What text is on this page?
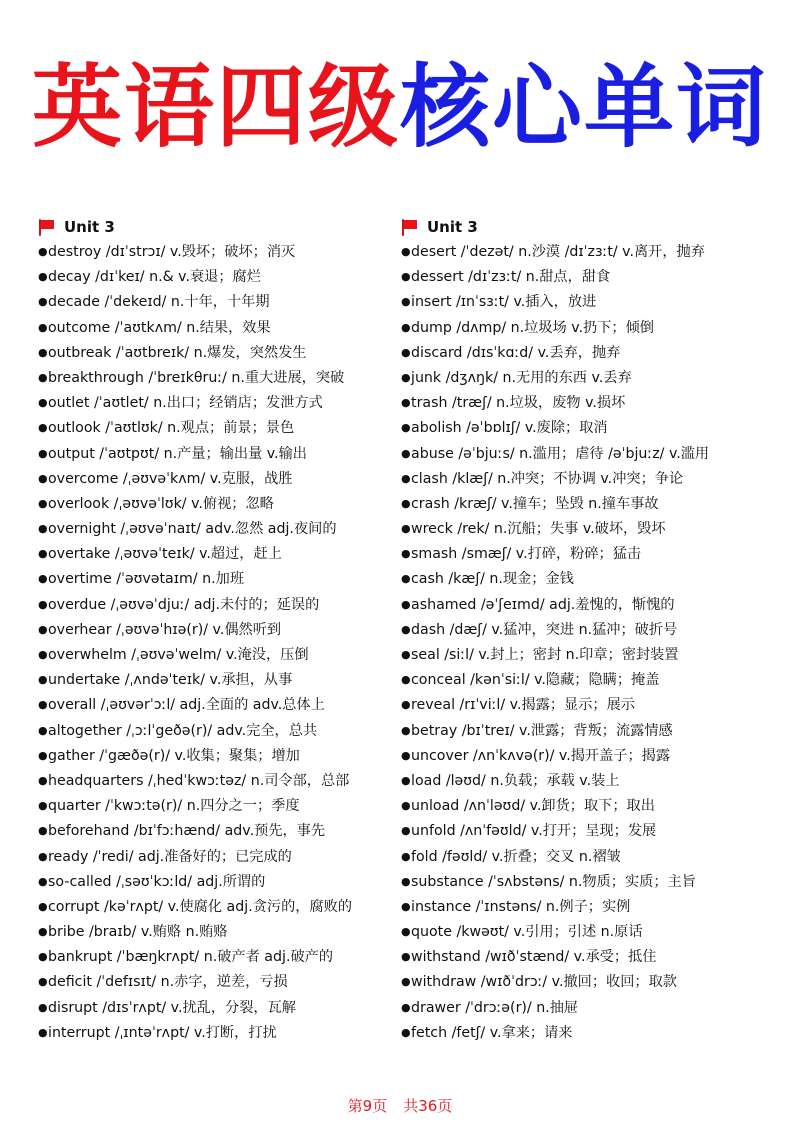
英语四级核心单词
Unit 3
●destroy /dɪˈstrɔɪ/ v.毁坏；破坏；消灭
●decay /dɪˈkeɪ/ n.& v.衰退；腐烂
●decade /ˈdekeɪd/ n.十年，十年期
●outcome /ˈaʊtkʌm/ n.结果，效果
●outbreak /ˈaʊtbreɪk/ n.爆发，突然发生
●breakthrough /ˈbreɪkθruː/ n.重大进展，突破
●outlet /ˈaʊtlet/ n.出口；经销店；发泄方式
●outlook /ˈaʊtlʊk/ n.观点；前景；景色
●output /ˈaʊtpʊt/ n.产量；输出量 v.输出
●overcome /ˌəʊvəˈkʌm/ v.克服，战胜
●overlook /ˌəʊvəˈlʊk/ v.俯视；忽略
●overnight /ˌəʊvəˈnaɪt/ adv.忽然 adj.夜间的
●overtake /ˌəʊvəˈteɪk/ v.超过，赶上
●overtime /ˈəʊvətaɪm/ n.加班
●overdue /ˌəʊvəˈdjuː/ adj.未付的；延误的
●overhear /ˌəʊvəˈhɪə(r)/ v.偶然听到
●overwhelm /ˌəʊvəˈwelm/ v.淹没，压倒
●undertake /ˌʌndəˈteɪk/ v.承担，从事
●overall /ˌəʊvərˈɔːl/ adj.全面的 adv.总体上
●altogether /ˌɔːlˈgeðə(r)/ adv.完全，总共
●gather /ˈgæðə(r)/ v.收集；聚集；增加
●headquarters /ˌhedˈkwɔːtəz/ n.司令部，总部
●quarter /ˈkwɔːtə(r)/ n.四分之一；季度
●beforehand /bɪˈfɔːhænd/ adv.预先，事先
●ready /ˈredi/ adj.准备好的；已完成的
●so-called /ˌsəʊˈkɔːld/ adj.所谓的
●corrupt /kəˈrʌpt/ v.使腐化 adj.贪污的，腐败的
●bribe /braɪb/ v.贿赂 n.贿赂
●bankrupt /ˈbæŋkrʌpt/ n.破产者 adj.破产的
●deficit /ˈdefɪsɪt/ n.赤字，逆差，亏损
●disrupt /dɪsˈrʌpt/ v.扰乱，分裂，瓦解
●interrupt /ˌɪntəˈrʌpt/ v.打断，打扰
Unit 3
●desert /ˈdezət/ n.沙漠 /dɪˈzɜːt/ v.离开，抛弃
●dessert /dɪˈzɜːt/ n.甜点，甜食
●insert /ɪnˈsɜːt/ v.插入，放进
●dump /dʌmp/ n.垃圾场 v.扔下；倾倒
●discard /dɪsˈkɑːd/ v.丢弃，抛弃
●junk /dʒʌŋk/ n.无用的东西 v.丢弃
●trash /træʃ/ n.垃圾，废物 v.损坏
●abolish /əˈbɒlɪʃ/ v.废除；取消
●abuse /əˈbjuːs/ n.滥用；虐待 /əˈbjuːz/ v.滥用
●clash /klæʃ/ n.冲突；不协调 v.冲突；争论
●crash /kræʃ/ v.撞车；坠毁 n.撞车事故
●wreck /rek/ n.沉船；失事 v.破坏，毁坏
●smash /smæʃ/ v.打碎，粉碎；猛击
●cash /kæʃ/ n.现金；金钱
●ashamed /əˈʃeɪmd/ adj.羞愧的，惭愧的
●dash /dæʃ/ v.猛冲，突进 n.猛冲；破折号
●seal /siːl/ v.封上；密封 n.印章；密封装置
●conceal /kənˈsiːl/ v.隐藏；隐瞒；掩盖
●reveal /rɪˈviːl/ v.揭露；显示；展示
●betray /bɪˈtreɪ/ v.泄露；背叛；流露情感
●uncover /ʌnˈkʌvə(r)/ v.揭开盖子；揭露
●load /ləʊd/ n.负载；承载 v.装上
●unload /ʌnˈləʊd/ v.卸货；取下；取出
●unfold /ʌnˈfəʊld/ v.打开；呈现；发展
●fold /fəʊld/ v.折叠；交叉 n.褶皱
●substance /ˈsʌbstəns/ n.物质；实质；主旨
●instance /ˈɪnstəns/ n.例子；实例
●quote /kwəʊt/ v.引用；引述 n.原话
●withstand /wɪðˈstænd/ v.承受；抵住
●withdraw /wɪðˈdrɔː/ v.撤回；收回；取款
●drawer /ˈdrɔːə(r)/ n.抽屉
●fetch /fetʃ/ v.拿来；请来
第9页 共36页
